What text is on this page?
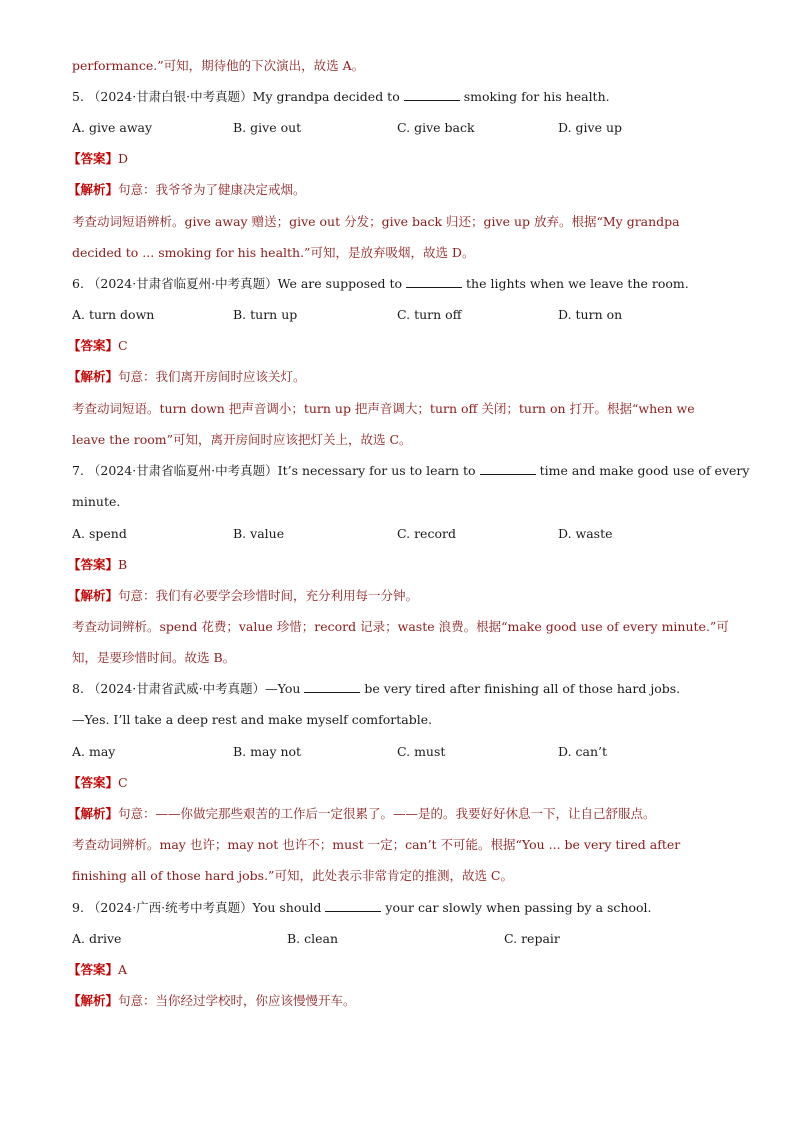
performance.”可知，期待他的下次演出，故选 A。
5. （2024·甘肃白银·中考真题）My grandpa decided to	smoking for his health.
A. give away	B. give out	C. give back	D. give up
【答案】D
【解析】句意：我爷爷为了健康决定戒烟。
考查动词短语辨析。give away 赠送；give out 分发；give back 归还；give up 放弃。根据“My grandpa
decided to ... smoking for his health.”可知，是放弃吸烟，故选 D。
6. （2024·甘肃省临夏州·中考真题）We are supposed to	the lights when we leave the room.
A. turn down	B. turn up	C. turn off	D. turn on
【答案】C
【解析】句意：我们离开房间时应该关灯。
考查动词短语。turn down 把声音调小；turn up 把声音调大；turn off 关闭；turn on 打开。根据“when we
leave the room”可知，离开房间时应该把灯关上，故选 C。
7. （2024·甘肃省临夏州·中考真题）It’s necessary for us to learn to	time and make good use of every
minute.
A. spend	B. value	C. record	D. waste
【答案】B
【解析】句意：我们有必要学会珍惜时间，充分利用每一分钟。
考查动词辨析。spend 花费；value 珍惜；record 记录；waste 浪费。根据“make good use of every minute.”可
知，是要珍惜时间。故选 B。
8. （2024·甘肃省武威·中考真题）—You	be very tired after finishing all of those hard jobs.
—Yes. I’ll take a deep rest and make myself comfortable.
A. may	B. may not	C. must	D. can’t
【答案】C
【解析】句意：——你做完那些艰苦的工作后一定很累了。——是的。我要好好休息一下，让自己舒服点。
考查动词辨析。may 也许；may not 也许不；must 一定；can’t 不可能。根据“You ... be very tired after
finishing all of those hard jobs.”可知，此处表示非常肯定的推测，故选 C。
9. （2024·广西·统考中考真题）You should	your car slowly when passing by a school.
A. drive	B. clean	C. repair
【答案】A
【解析】句意：当你经过学校时，你应该慢慢开车。
